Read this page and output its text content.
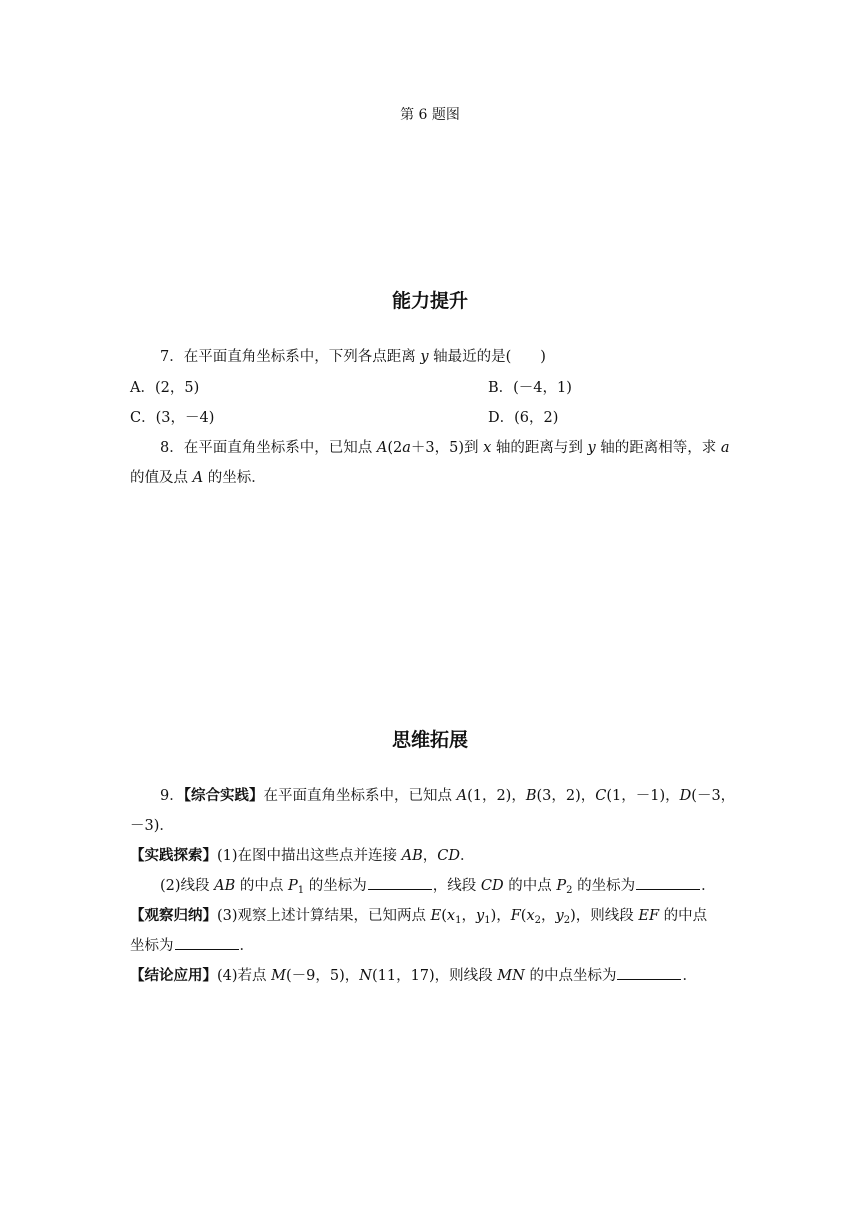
第 6 题图
能力提升
7．在平面直角坐标系中，下列各点距离 y 轴最近的是(　　)
A．(2，5)	B．(－4，1)
C．(3，－4)	D．(6，2)
8．在平面直角坐标系中，已知点 A(2a＋3，5)到 x 轴的距离与到 y 轴的距离相等，求 a
的值及点 A 的坐标．
思维拓展
9．【综合实践】在平面直角坐标系中，已知点 A(1，2)，B(3，2)，C(1，－1)，D(－3，
－3)．
【实践探索】(1)在图中描出这些点并连接 AB，CD．
(2)线段 AB 的中点 $P_1$ 的坐标为	，线段 CD 的中点 $P_2$ 的坐标为	．
【观察归纳】(3)观察上述计算结果，已知两点 $E(x_1$，$y_1$)，$F(x_2$，$y_2$)，则线段 EF 的中点
坐标为	．
【结论应用】(4)若点 M(－9，5)，N(11，17)，则线段 MN 的中点坐标为	．
